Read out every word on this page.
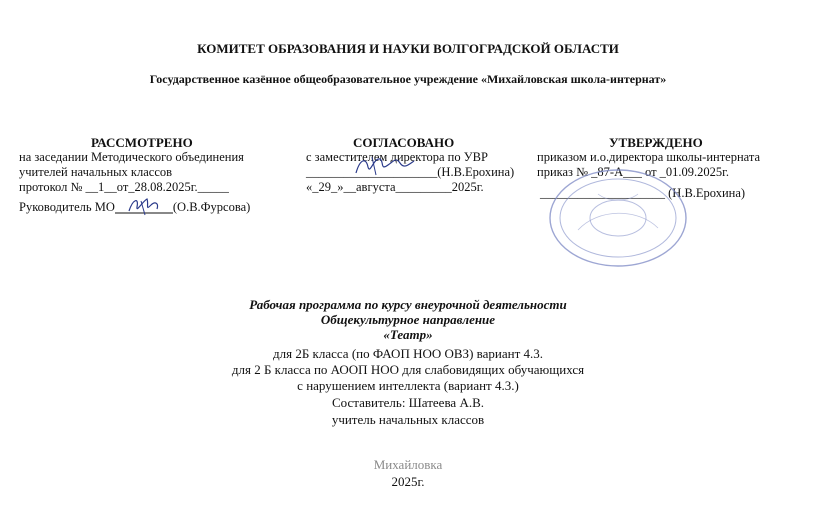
КОМИТЕТ ОБРАЗОВАНИЯ И НАУКИ ВОЛГОГРАДСКОЙ ОБЛАСТИ
Государственное казённое общеобразовательное учреждение «Михайловская школа-интернат»
РАССМОТРЕНО
на заседании Методического объединения
учителей начальных классов
протокол № __1__от_28.08.2025г._____
Руководитель МО	(О.В.Фурсова)
СОГЛАСОВАНО
с заместителем директора по УВР
_____________________(Н.В.Ерохина)
«_29_»__августа_________2025г.
УТВЕРЖДЕНО
приказом и.о.директора школы-интерната
приказ № _87-А___ от _01.09.2025г.
____________________ (Н.В.Ерохина)
Рабочая программа по курсу внеурочной деятельности
Общекультурное направление
«Театр»
для 2Б класса (по ФАОП НОО ОВЗ) вариант 4.3.
для 2 Б класса по АООП НОО для слабовидящих обучающихся
с нарушением интеллекта (вариант 4.3.)
Составитель: Шатеева А.В.
учитель начальных классов
Михайловка
2025г.
